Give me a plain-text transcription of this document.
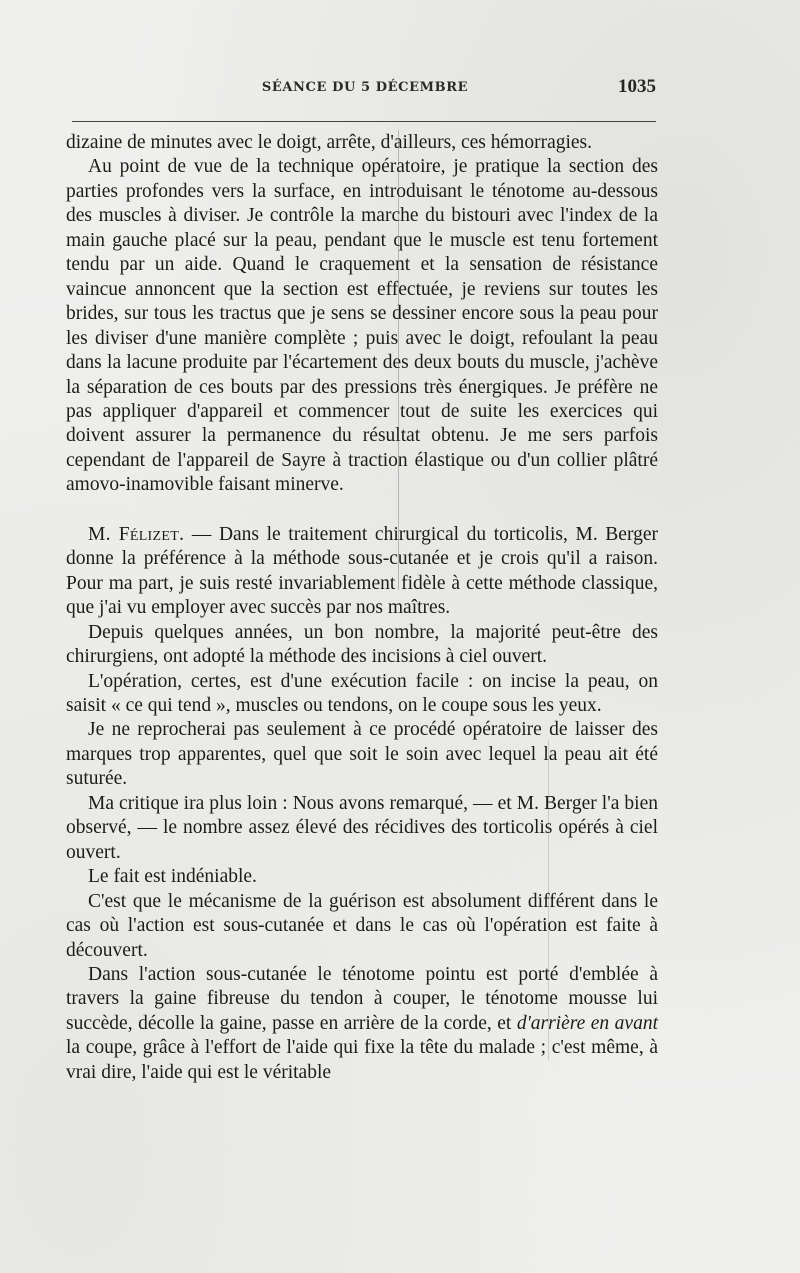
SÉANCE DU 5 DÉCEMBRE	1035

dizaine de minutes avec le doigt, arrête, d'ailleurs, ces hémorragies.

Au point de vue de la technique opératoire, je pratique la section des parties profondes vers la surface, en introduisant le ténotome au-dessous des muscles à diviser. Je contrôle la marche du bistouri avec l'index de la main gauche placé sur la peau, pendant que le muscle est tenu fortement tendu par un aide. Quand le craquement et la sensation de résistance vaincue annoncent que la section est effectuée, je reviens sur toutes les brides, sur tous les tractus que je sens se dessiner encore sous la peau pour les diviser d'une manière complète ; puis avec le doigt, refoulant la peau dans la lacune produite par l'écartement des deux bouts du muscle, j'achève la séparation de ces bouts par des pressions très énergiques. Je préfère ne pas appliquer d'appareil et commencer tout de suite les exercices qui doivent assurer la permanence du résultat obtenu. Je me sers parfois cependant de l'appareil de Sayre à traction élastique ou d'un collier plâtré amovo-inamovible faisant minerve.

M. Félizet. — Dans le traitement chirurgical du torticolis, M. Berger donne la préférence à la méthode sous-cutanée et je crois qu'il a raison. Pour ma part, je suis resté invariablement fidèle à cette méthode classique, que j'ai vu employer avec succès par nos maîtres.

Depuis quelques années, un bon nombre, la majorité peut-être des chirurgiens, ont adopté la méthode des incisions à ciel ouvert.

L'opération, certes, est d'une exécution facile : on incise la peau, on saisit « ce qui tend », muscles ou tendons, on le coupe sous les yeux.

Je ne reprocherai pas seulement à ce procédé opératoire de laisser des marques trop apparentes, quel que soit le soin avec lequel la peau ait été suturée.

Ma critique ira plus loin : Nous avons remarqué, — et M. Berger l'a bien observé, — le nombre assez élevé des récidives des torticolis opérés à ciel ouvert.

Le fait est indéniable.

C'est que le mécanisme de la guérison est absolument différent dans le cas où l'action est sous-cutanée et dans le cas où l'opération est faite à découvert.

Dans l'action sous-cutanée le ténotome pointu est porté d'emblée à travers la gaine fibreuse du tendon à couper, le ténotome mousse lui succède, décolle la gaine, passe en arrière de la corde, et d'arrière en avant la coupe, grâce à l'effort de l'aide qui fixe la tête du malade ; c'est même, à vrai dire, l'aide qui est le véritable
